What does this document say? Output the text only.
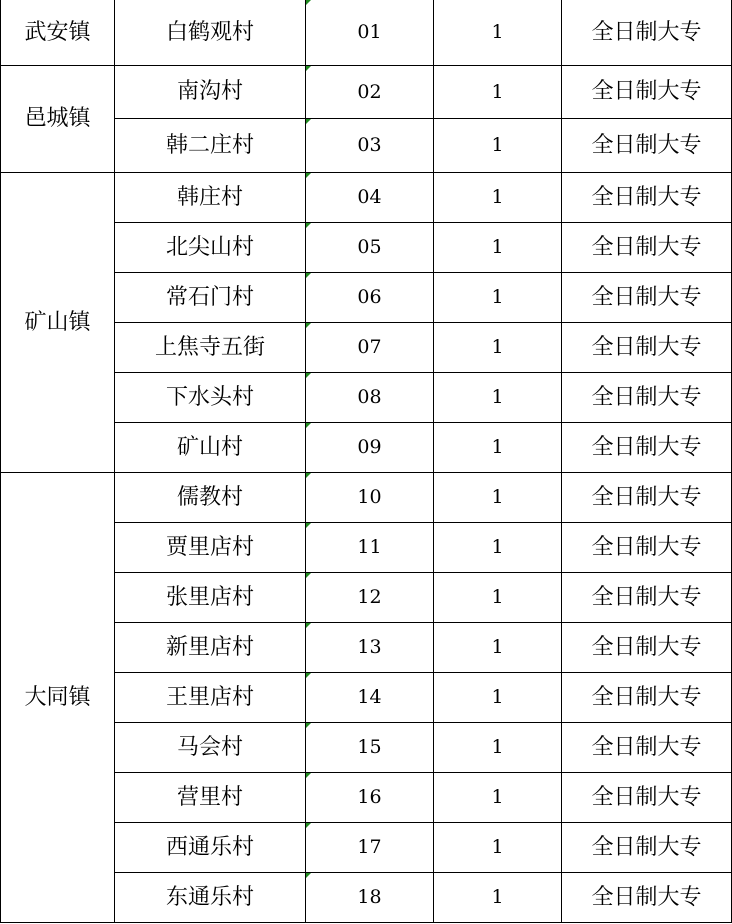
武安镇	白鹤观村	01	1	全日制大专
邑城镇	南沟村	02	1	全日制大专
	韩二庄村	03	1	全日制大专
矿山镇	韩庄村	04	1	全日制大专
	北尖山村	05	1	全日制大专
	常石门村	06	1	全日制大专
	上焦寺五街	07	1	全日制大专
	下水头村	08	1	全日制大专
	矿山村	09	1	全日制大专
大同镇	儒教村	10	1	全日制大专
	贾里店村	11	1	全日制大专
	张里店村	12	1	全日制大专
	新里店村	13	1	全日制大专
	王里店村	14	1	全日制大专
	马会村	15	1	全日制大专
	营里村	16	1	全日制大专
	西通乐村	17	1	全日制大专
	东通乐村	18	1	全日制大专
